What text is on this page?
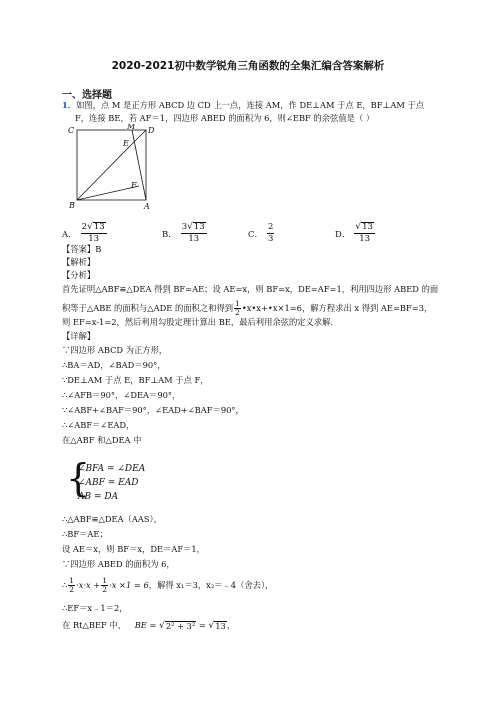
2020-2021初中数学锐角三角函数的全集汇编含答案解析
一、选择题
1．如图，点 M 是正方形 ABCD 边 CD 上一点，连接 AM，作 DE⊥AM 于点 E，BF⊥AM 于点
F，连接 BE，若 AF＝1，四边形 ABED 的面积为 6，则∠EBF 的余弦值是（ ）
C	M D
E
F
B	A
A． $\frac{2 √ 13}{13}$	B． $\frac{3 √ 13}{13}$	C． $\frac{2}{3}$	D． $\frac{√ 13}{13}$
【答案】B
【解析】
【分析】
首先证明△ABF≌△DEA 得到 BF=AE；设 AE=x，则 BF=x，DE=AF=1，利用四边形 ABED 的面
积等于△ABE 的面积与△ADE 的面积之和得到 $\frac{1}{2}$ •x•x+•x×1=6，解方程求出 x 得到 AE=BF=3，
则 EF=x-1=2，然后利用勾股定理计算出 BE，最后利用余弦的定义求解．
【详解】
∵四边形 ABCD 为正方形，
∴BA＝AD，∠BAD＝90°，
∵DE⊥AM 于点 E，BF⊥AM 于点 F，
∴∠AFB＝90°，∠DEA＝90°，
∵∠ABF+∠BAF＝90°，∠EAD+∠BAF＝90°，
∴∠ABF＝∠EAD，
在△ABF 和△DEA 中
{
∠BFA = ∠DEA
∠ABF = EAD
AB = DA
∴△ABF≌△DEA（AAS），
∴BF＝AE；
设 AE＝x，则 BF＝x，DE＝AF＝1，
∵四边形 ABED 的面积为 6，
∴ $\frac{1}{2} \cdot x\cdot x + \frac{1}{2} \cdot x \times 1 = 6$，解得 x₁＝3，x₂＝﹣4（舍去），
∴EF＝x﹣1＝2，
在 Rt△BEF 中， BE = √ 2² + 3² = √ 13 ，
